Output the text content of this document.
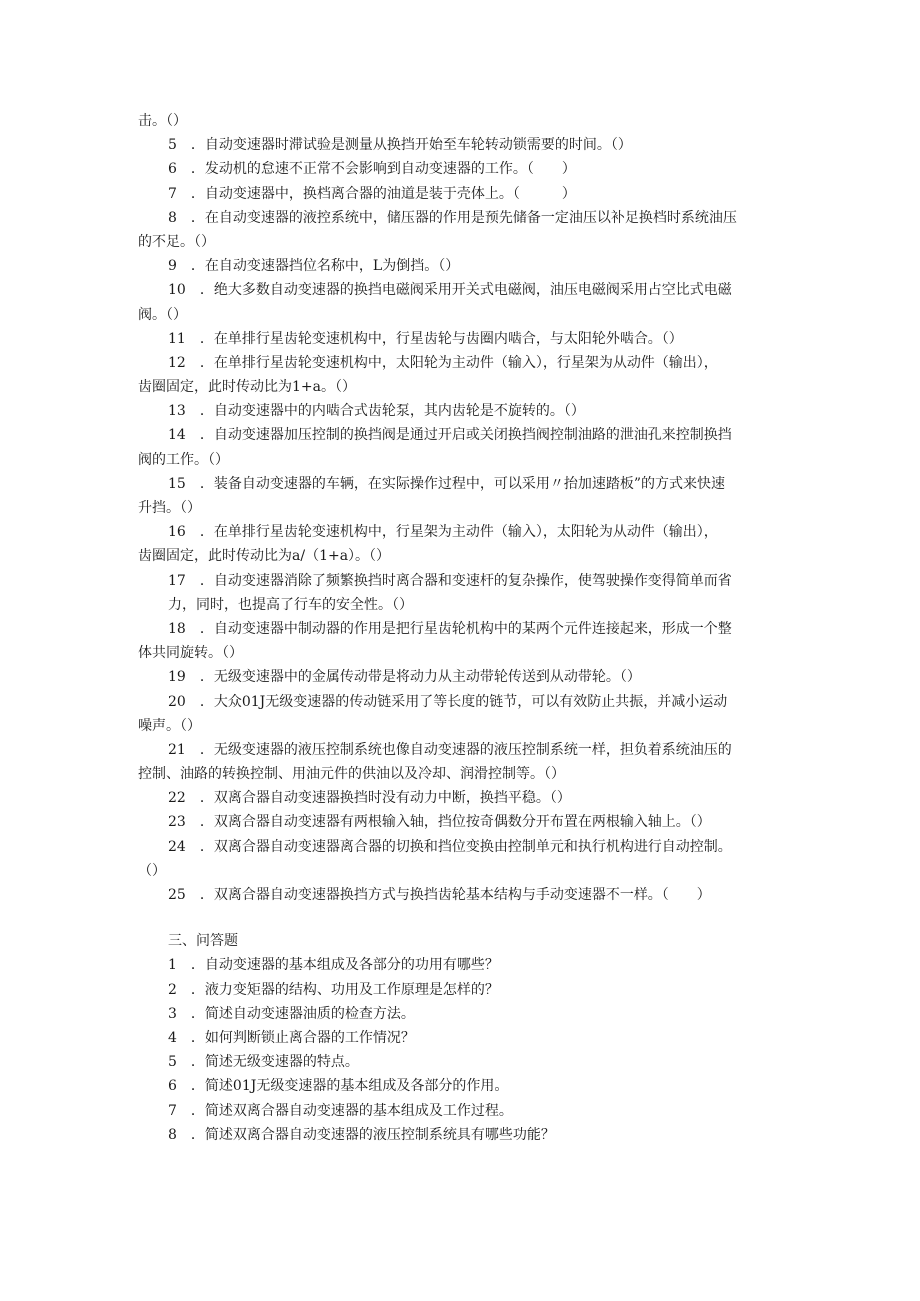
击。（）
5　．自动变速器时滞试验是测量从换挡开始至车轮转动锁需要的时间。（）
6　．发动机的怠速不正常不会影响到自动变速器的工作。（　　）
7　．自动变速器中，换档离合器的油道是装于壳体上。（　　　）
8　．在自动变速器的液控系统中，储压器的作用是预先储备一定油压以补足换档时系统油压
的不足。（）
9　．在自动变速器挡位名称中，L为倒挡。（）
10　．绝大多数自动变速器的换挡电磁阀采用开关式电磁阀，油压电磁阀采用占空比式电磁
阀。（）
11　．在单排行星齿轮变速机构中，行星齿轮与齿圈内啮合，与太阳轮外啮合。（）
12　．在单排行星齿轮变速机构中，太阳轮为主动件（输入），行星架为从动件（输出），
齿圈固定，此时传动比为1+a。（）
13　．自动变速器中的内啮合式齿轮泵，其内齿轮是不旋转的。（）
14　．自动变速器加压控制的换挡阀是通过开启或关闭换挡阀控制油路的泄油孔来控制换挡
阀的工作。（）
15　．装备自动变速器的车辆，在实际操作过程中，可以采用〃抬加速踏板”的方式来快速
升挡。（）
16　．在单排行星齿轮变速机构中，行星架为主动件（输入），太阳轮为从动件（输出），
齿圈固定，此时传动比为a/（1+a）。（）
17　．自动变速器消除了频繁换挡时离合器和变速杆的复杂操作，使驾驶操作变得简单而省
力，同时，也提高了行车的安全性。（）
18　．自动变速器中制动器的作用是把行星齿轮机构中的某两个元件连接起来，形成一个整
体共同旋转。（）
19　．无级变速器中的金属传动带是将动力从主动带轮传送到从动带轮。（）
20　．大众01J无级变速器的传动链采用了等长度的链节，可以有效防止共振，并减小运动
噪声。（）
21　．无级变速器的液压控制系统也像自动变速器的液压控制系统一样，担负着系统油压的
控制、油路的转换控制、用油元件的供油以及冷却、润滑控制等。（）
22　．双离合器自动变速器换挡时没有动力中断，换挡平稳。（）
23　．双离合器自动变速器有两根输入轴，挡位按奇偶数分开布置在两根输入轴上。（）
24　．双离合器自动变速器离合器的切换和挡位变换由控制单元和执行机构进行自动控制。
（）
25　．双离合器自动变速器换挡方式与换挡齿轮基本结构与手动变速器不一样。（　　）
三、问答题
1　．自动变速器的基本组成及各部分的功用有哪些？
2　．液力变矩器的结构、功用及工作原理是怎样的？
3　．简述自动变速器油质的检查方法。
4　．如何判断锁止离合器的工作情况？
5　．简述无级变速器的特点。
6　．简述01J无级变速器的基本组成及各部分的作用。
7　．简述双离合器自动变速器的基本组成及工作过程。
8　．简述双离合器自动变速器的液压控制系统具有哪些功能？
